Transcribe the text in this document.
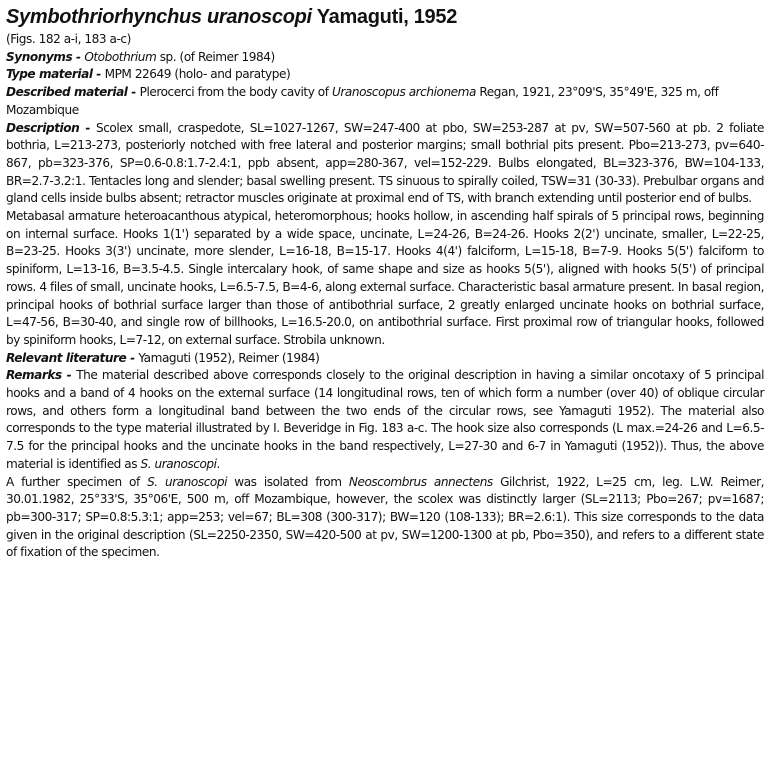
Symbothriorhynchus uranoscopi Yamaguti, 1952

(Figs. 182 a-i, 183 a-c)

Synonyms - Otobothrium sp. (of Reimer 1984)

Type material - MPM 22649 (holo- and paratype)

Described material - Plerocerci from the body cavity of Uranoscopus archionema Regan, 1921, 23°09'S, 35°49'E, 325 m, off Mozambique

Description - Scolex small, craspedote, SL=1027-1267, SW=247-400 at pbo, SW=253-287 at pv, SW=507-560 at pb. 2 foliate bothria, L=213-273, posteriorly notched with free lateral and posterior margins; small bothrial pits present. Pbo=213-273, pv=640-867, pb=323-376, SP=0.6-0.8:1.7-2.4:1, ppb absent, app=280-367, vel=152-229. Bulbs elongated, BL=323-376, BW=104-133, BR=2.7-3.2:1. Tentacles long and slender; basal swelling present. TS sinuous to spirally coiled, TSW=31 (30-33). Prebulbar organs and gland cells inside bulbs absent; retractor muscles originate at proximal end of TS, with branch extending until posterior end of bulbs.

Metabasal armature heteroacanthous atypical, heteromorphous; hooks hollow, in ascending half spirals of 5 principal rows, beginning on internal surface. Hooks 1(1') separated by a wide space, uncinate, L=24-26, B=24-26. Hooks 2(2') uncinate, smaller, L=22-25, B=23-25. Hooks 3(3') uncinate, more slender, L=16-18, B=15-17. Hooks 4(4') falciform, L=15-18, B=7-9. Hooks 5(5') falciform to spiniform, L=13-16, B=3.5-4.5. Single intercalary hook, of same shape and size as hooks 5(5'), aligned with hooks 5(5') of principal rows. 4 files of small, uncinate hooks, L=6.5-7.5, B=4-6, along external surface. Characteristic basal armature present. In basal region, principal hooks of bothrial surface larger than those of antibothrial surface, 2 greatly enlarged uncinate hooks on bothrial surface, L=47-56, B=30-40, and single row of billhooks, L=16.5-20.0, on antibothrial surface. First proximal row of triangular hooks, followed by spiniform hooks, L=7-12, on external surface. Strobila unknown.

Relevant literature - Yamaguti (1952), Reimer (1984)

Remarks - The material described above corresponds closely to the original description in having a similar oncotaxy of 5 principal hooks and a band of 4 hooks on the external surface (14 longitudinal rows, ten of which form a number (over 40) of oblique circular rows, and others form a longitudinal band between the two ends of the circular rows, see Yamaguti 1952). The material also corresponds to the type material illustrated by I. Beveridge in Fig. 183 a-c. The hook size also corresponds (L max.=24-26 and L=6.5-7.5 for the principal hooks and the uncinate hooks in the band respectively, L=27-30 and 6-7 in Yamaguti (1952)). Thus, the above material is identified as S. uranoscopi.

A further specimen of S. uranoscopi was isolated from Neoscombrus annectens Gilchrist, 1922, L=25 cm, leg. L.W. Reimer, 30.01.1982, 25°33'S, 35°06'E, 500 m, off Mozambique, however, the scolex was distinctly larger (SL=2113; Pbo=267; pv=1687; pb=300-317; SP=0.8:5.3:1; app=253; vel=67; BL=308 (300-317); BW=120 (108-133); BR=2.6:1). This size corresponds to the data given in the original description (SL=2250-2350, SW=420-500 at pv, SW=1200-1300 at pb, Pbo=350), and refers to a different state of fixation of the specimen.
